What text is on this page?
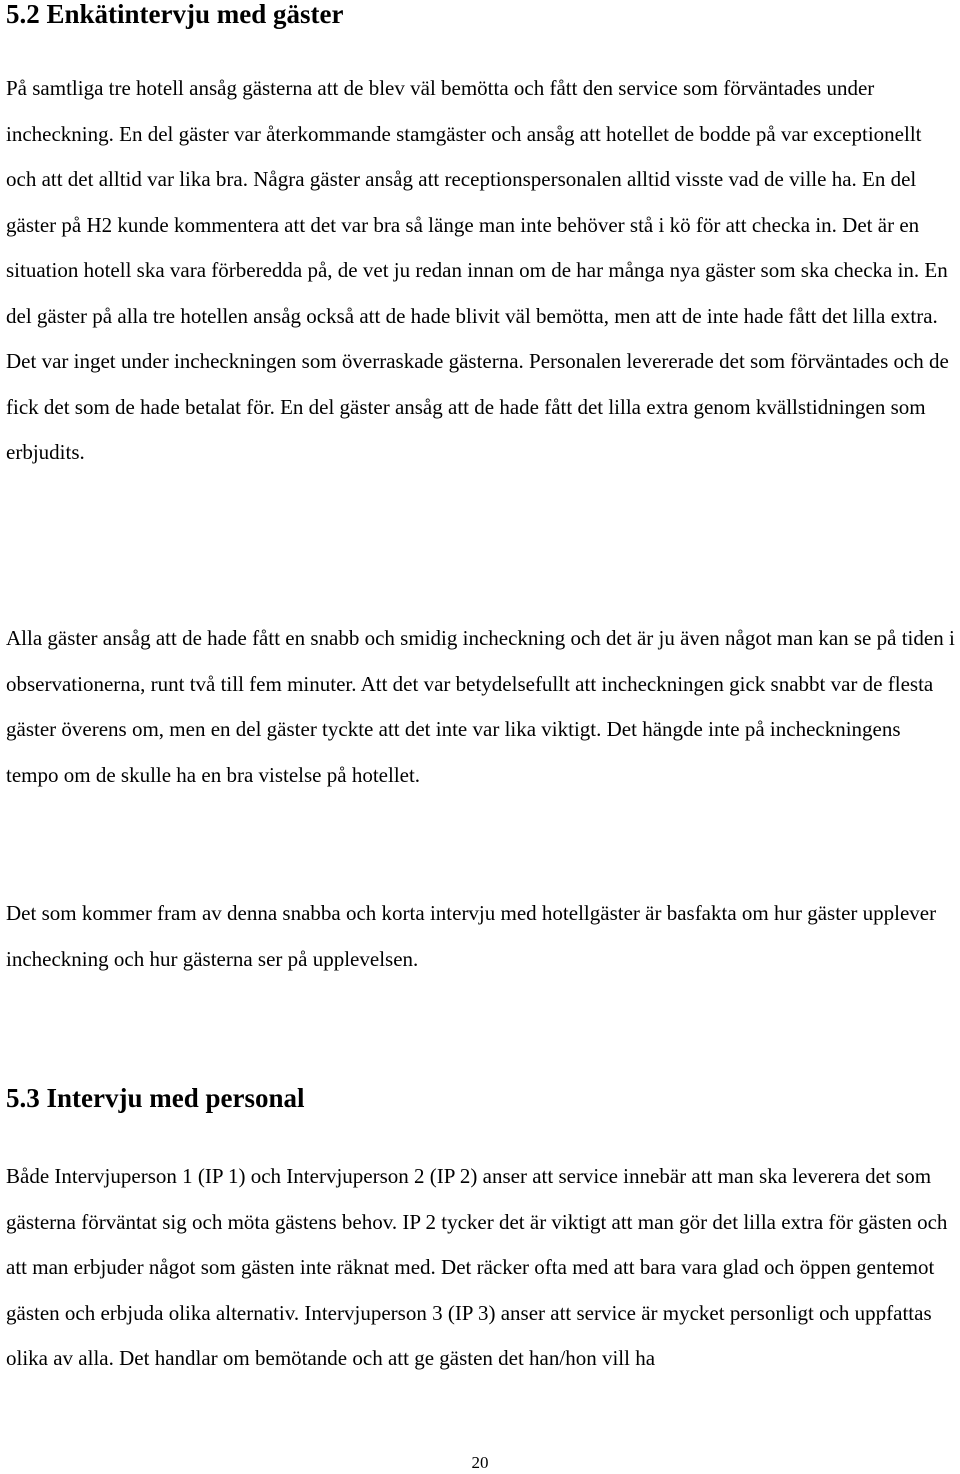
5.2 Enkätintervju med gäster

På samtliga tre hotell ansåg gästerna att de blev väl bemötta och fått den service som förväntades under incheckning. En del gäster var återkommande stamgäster och ansåg att hotellet de bodde på var exceptionellt och att det alltid var lika bra. Några gäster ansåg att receptionspersonalen alltid visste vad de ville ha. En del gäster på H2 kunde kommentera att det var bra så länge man inte behöver stå i kö för att checka in. Det är en situation hotell ska vara förberedda på, de vet ju redan innan om de har många nya gäster som ska checka in. En del gäster på alla tre hotellen ansåg också att de hade blivit väl bemötta, men att de inte hade fått det lilla extra. Det var inget under incheckningen som överraskade gästerna. Personalen levererade det som förväntades och de fick det som de hade betalat för. En del gäster ansåg att de hade fått det lilla extra genom kvällstidningen som erbjudits.

Alla gäster ansåg att de hade fått en snabb och smidig incheckning och det är ju även något man kan se på tiden i observationerna, runt två till fem minuter. Att det var betydelsefullt att incheckningen gick snabbt var de flesta gäster överens om, men en del gäster tyckte att det inte var lika viktigt. Det hängde inte på incheckningens tempo om de skulle ha en bra vistelse på hotellet.

Det som kommer fram av denna snabba och korta intervju med hotellgäster är basfakta om hur gäster upplever incheckning och hur gästerna ser på upplevelsen.

5.3 Intervju med personal

Både Intervjuperson 1 (IP 1) och Intervjuperson 2 (IP 2) anser att service innebär att man ska leverera det som gästerna förväntat sig och möta gästens behov. IP 2 tycker det är viktigt att man gör det lilla extra för gästen och att man erbjuder något som gästen inte räknat med. Det räcker ofta med att bara vara glad och öppen gentemot gästen och erbjuda olika alternativ. Intervjuperson 3 (IP 3) anser att service är mycket personligt och uppfattas olika av alla. Det handlar om bemötande och att ge gästen det han/hon vill ha

20
